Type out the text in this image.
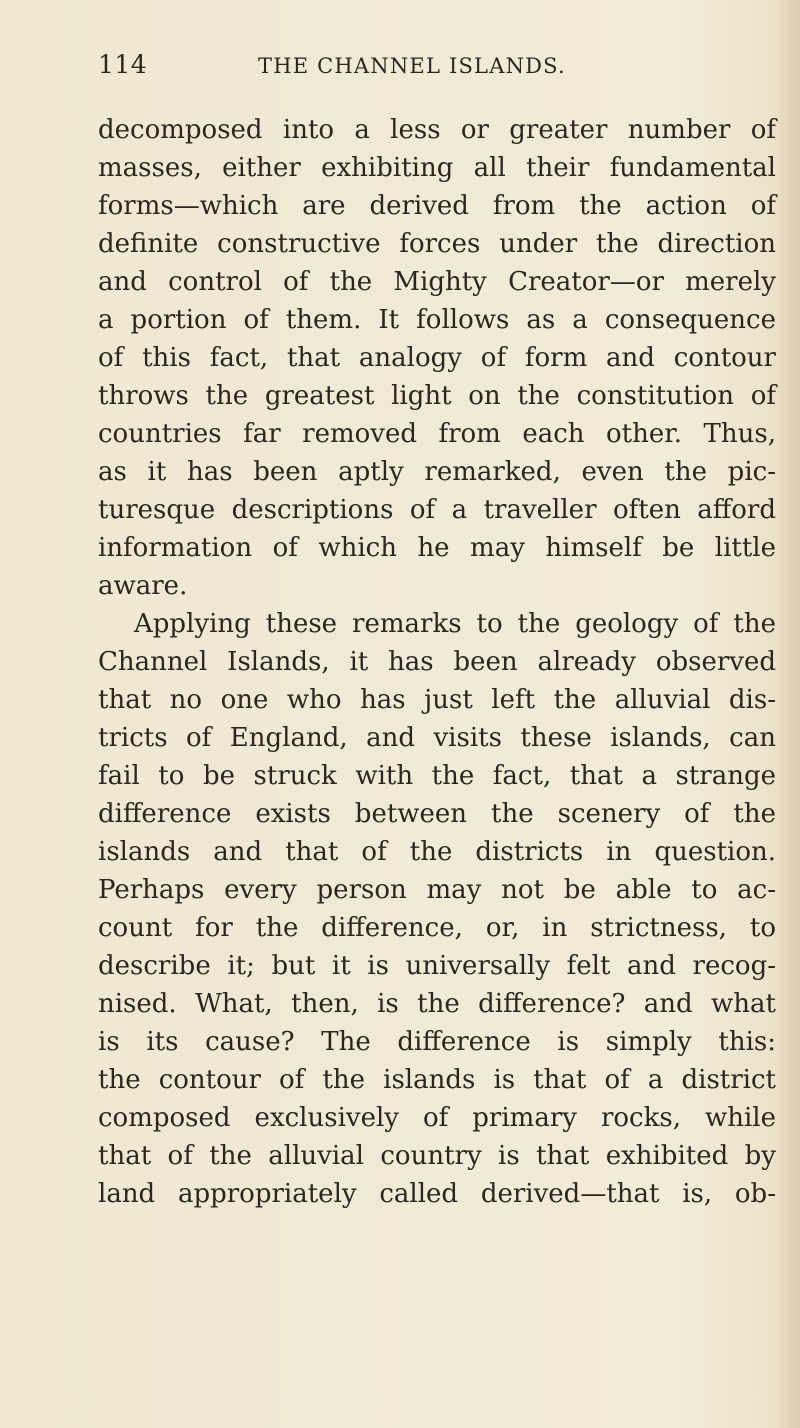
114	THE CHANNEL ISLANDS.
decomposed into a less or greater number of
masses, either exhibiting all their fundamental
forms—which are derived from the action of
definite constructive forces under the direction
and control of the Mighty Creator—or merely
a portion of them. It follows as a consequence
of this fact, that analogy of form and contour
throws the greatest light on the constitution of
countries far removed from each other. Thus,
as it has been aptly remarked, even the pic-
turesque descriptions of a traveller often afford
information of which he may himself be little
aware.
Applying these remarks to the geology of the
Channel Islands, it has been already observed
that no one who has just left the alluvial dis-
tricts of England, and visits these islands, can
fail to be struck with the fact, that a strange
difference exists between the scenery of the
islands and that of the districts in question.
Perhaps every person may not be able to ac-
count for the difference, or, in strictness, to
describe it; but it is universally felt and recog-
nised. What, then, is the difference? and what
is its cause? The difference is simply this:
the contour of the islands is that of a district
composed exclusively of primary rocks, while
that of the alluvial country is that exhibited by
land appropriately called derived—that is, ob-
